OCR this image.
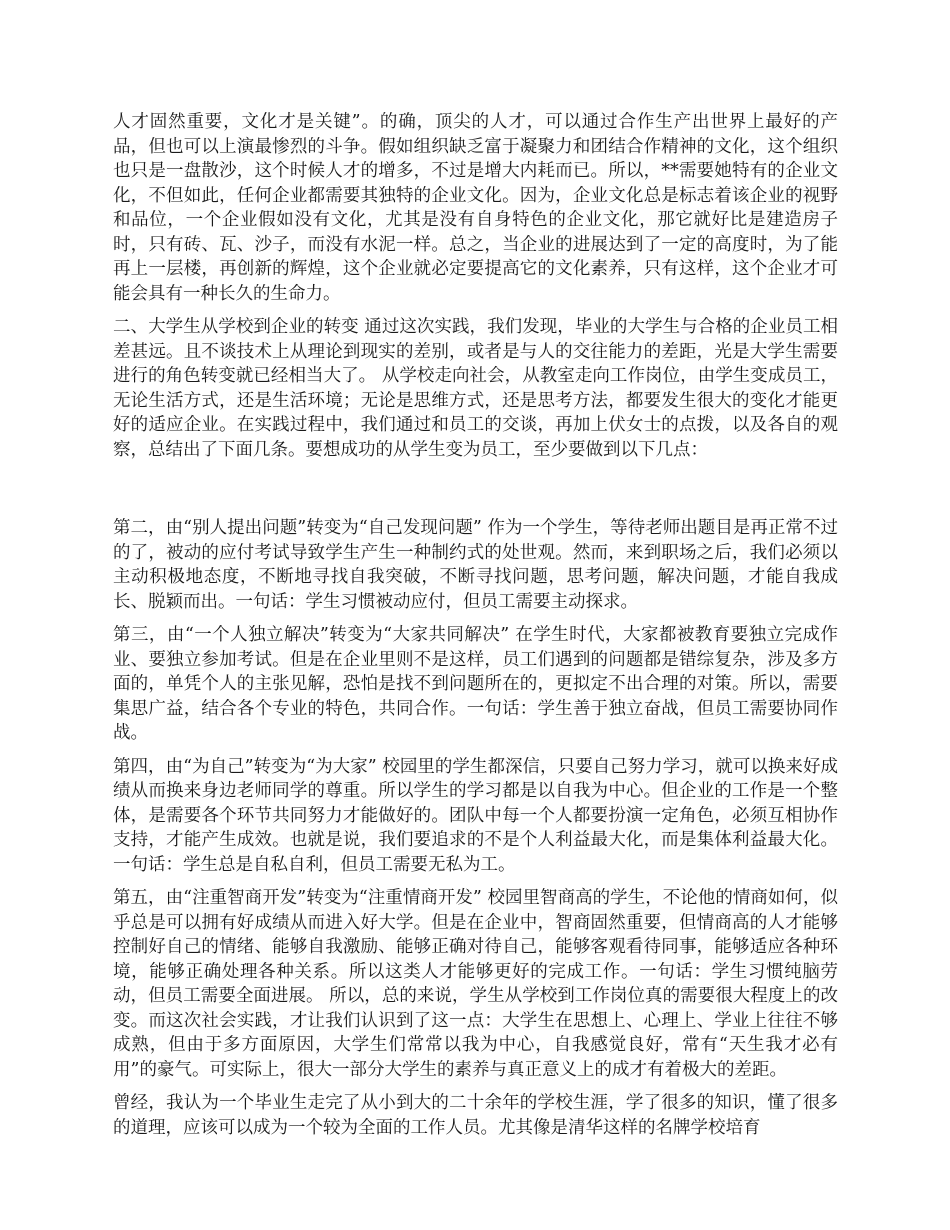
人才固然重要，文化才是关键”。的确，顶尖的人才，可以通过合作生产出世界上最好的产品，但也可以上演最惨烈的斗争。假如组织缺乏富于凝聚力和团结合作精神的文化，这个组织也只是一盘散沙，这个时候人才的增多，不过是增大内耗而已。所以，**需要她特有的企业文化，不但如此，任何企业都需要其独特的企业文化。因为，企业文化总是标志着该企业的视野和品位，一个企业假如没有文化，尤其是没有自身特色的企业文化，那它就好比是建造房子时，只有砖、瓦、沙子，而没有水泥一样。总之，当企业的进展达到了一定的高度时，为了能再上一层楼，再创新的辉煌，这个企业就必定要提高它的文化素养，只有这样，这个企业才可能会具有一种长久的生命力。

二、大学生从学校到企业的转变 通过这次实践，我们发现，毕业的大学生与合格的企业员工相差甚远。且不谈技术上从理论到现实的差别，或者是与人的交往能力的差距，光是大学生需要进行的角色转变就已经相当大了。 从学校走向社会，从教室走向工作岗位，由学生变成员工，无论生活方式，还是生活环境；无论是思维方式，还是思考方法，都要发生很大的变化才能更好的适应企业。在实践过程中，我们通过和员工的交谈，再加上伏女士的点拨，以及各自的观察，总结出了下面几条。要想成功的从学生变为员工，至少要做到以下几点：

第二，由“别人提出问题”转变为“自己发现问题” 作为一个学生，等待老师出题目是再正常不过的了，被动的应付考试导致学生产生一种制约式的处世观。然而，来到职场之后，我们必须以主动积极地态度，不断地寻找自我突破，不断寻找问题，思考问题，解决问题，才能自我成长、脱颖而出。一句话：学生习惯被动应付，但员工需要主动探求。

第三，由“一个人独立解决”转变为“大家共同解决” 在学生时代，大家都被教育要独立完成作业、要独立参加考试。但是在企业里则不是这样，员工们遇到的问题都是错综复杂，涉及多方面的，单凭个人的主张见解，恐怕是找不到问题所在的，更拟定不出合理的对策。所以，需要集思广益，结合各个专业的特色，共同合作。一句话：学生善于独立奋战，但员工需要协同作战。

第四，由“为自己”转变为“为大家” 校园里的学生都深信，只要自己努力学习，就可以换来好成绩从而换来身边老师同学的尊重。所以学生的学习都是以自我为中心。但企业的工作是一个整体，是需要各个环节共同努力才能做好的。团队中每一个人都要扮演一定角色，必须互相协作支持，才能产生成效。也就是说，我们要追求的不是个人利益最大化，而是集体利益最大化。一句话：学生总是自私自利，但员工需要无私为工。

第五，由“注重智商开发”转变为“注重情商开发” 校园里智商高的学生，不论他的情商如何，似乎总是可以拥有好成绩从而进入好大学。但是在企业中，智商固然重要，但情商高的人才能够控制好自己的情绪、能够自我激励、能够正确对待自己，能够客观看待同事，能够适应各种环境，能够正确处理各种关系。所以这类人才能够更好的完成工作。一句话：学生习惯纯脑劳动，但员工需要全面进展。 所以，总的来说，学生从学校到工作岗位真的需要很大程度上的改变。而这次社会实践，才让我们认识到了这一点：大学生在思想上、心理上、学业上往往不够成熟，但由于多方面原因，大学生们常常以我为中心，自我感觉良好，常有“天生我才必有用”的豪气。可实际上，很大一部分大学生的素养与真正意义上的成才有着极大的差距。

曾经，我认为一个毕业生走完了从小到大的二十余年的学校生涯，学了很多的知识，懂了很多的道理，应该可以成为一个较为全面的工作人员。尤其像是清华这样的名牌学校培育
